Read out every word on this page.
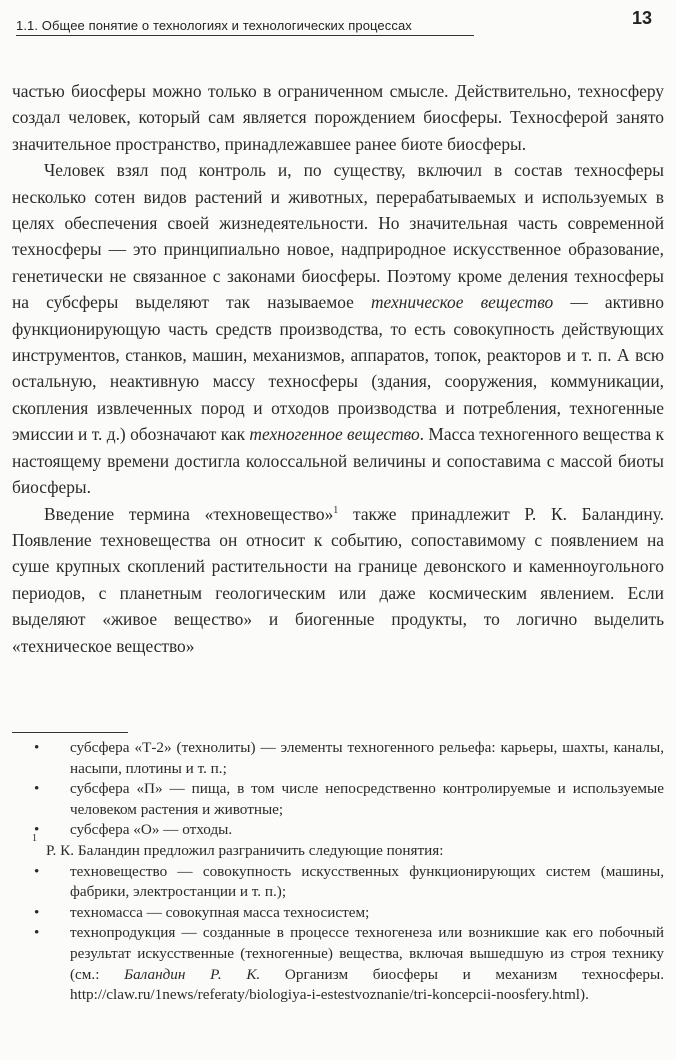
1.1. Общее понятие о технологиях и технологических процессах	13

частью биосферы можно только в ограниченном смысле. Действительно, техносферу создал человек, который сам является порождением биосферы. Техносферой занято значительное пространство, принадлежавшее ранее биоте биосферы.

Человек взял под контроль и, по существу, включил в состав техносферы несколько сотен видов растений и животных, перерабатываемых и используемых в целях обеспечения своей жизнедеятельности. Но значительная часть современной техносферы — это принципиально новое, надприродное искусственное образование, генетически не связанное с законами биосферы. Поэтому кроме деления техносферы на субсферы выделяют так называемое техническое вещество — активно функционирующую часть средств производства, то есть совокупность действующих инструментов, станков, машин, механизмов, аппаратов, топок, реакторов и т. п. А всю остальную, неактивную массу техносферы (здания, сооружения, коммуникации, скопления извлеченных пород и отходов производства и потребления, техногенные эмиссии и т. д.) обозначают как техногенное вещество. Масса техногенного вещества к настоящему времени достигла колоссальной величины и сопоставима с массой биоты биосферы.

Введение термина «техновещество»$^1$ также принадлежит Р. К. Баландину. Появление техновещества он относит к событию, сопоставимому с появлением на суше крупных скоплений растительности на границе девонского и каменноугольного периодов, с планетным геологическим или даже космическим явлением. Если выделяют «живое вещество» и биогенные продукты, то логично выделить «техническое вещество»

• субсфера «Т-2» (технолиты) — элементы техногенного рельефа: карьеры, шахты, каналы, насыпи, плотины и т. п.;

• субсфера «П» — пища, в том числе непосредственно контролируемые и используемые человеком растения и животные;

• субсфера «О» — отходы.

1
Р. К. Баландин предложил разграничить следующие понятия:

• техновещество — совокупность искусственных функционирующих систем (машины, фабрики, электростанции и т. п.);

• техномасса — совокупная масса техносистем;

• технопродукция — созданные в процессе техногенеза или возникшие как его побочный результат искусственные (техногенные) вещества, включая вышедшую из строя технику (см.: Баландин Р. К. Организм биосферы и механизм техносферы. http://claw.ru/1news/referaty/biologiya-i-estestvoznanie/tri-koncepcii-noosfery.html).
